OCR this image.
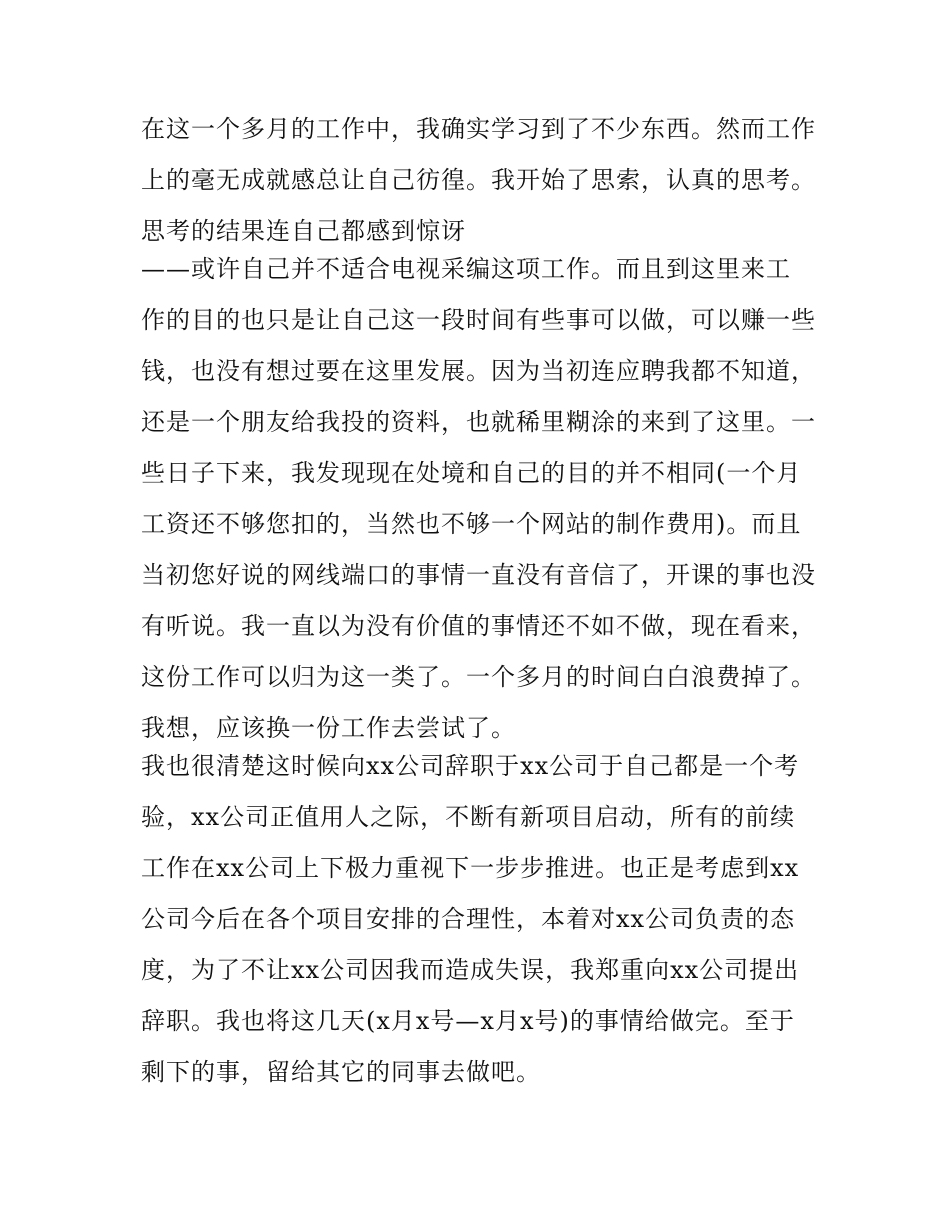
在这一个多月的工作中，我确实学习到了不少东西。然而工作
上的毫无成就感总让自己彷徨。我开始了思索，认真的思考。
思考的结果连自己都感到惊讶
——或许自己并不适合电视采编这项工作。而且到这里来工
作的目的也只是让自己这一段时间有些事可以做，可以赚一些
钱，也没有想过要在这里发展。因为当初连应聘我都不知道，
还是一个朋友给我投的资料，也就稀里糊涂的来到了这里。一
些日子下来，我发现现在处境和自己的目的并不相同(一个月
工资还不够您扣的，当然也不够一个网站的制作费用)。而且
当初您好说的网线端口的事情一直没有音信了，开课的事也没
有听说。我一直以为没有价值的事情还不如不做，现在看来，
这份工作可以归为这一类了。一个多月的时间白白浪费掉了。
我想，应该换一份工作去尝试了。
我也很清楚这时候向xx公司辞职于xx公司于自己都是一个考
验，xx公司正值用人之际，不断有新项目启动，所有的前续
工作在xx公司上下极力重视下一步步推进。也正是考虑到xx
公司今后在各个项目安排的合理性，本着对xx公司负责的态
度，为了不让xx公司因我而造成失误，我郑重向xx公司提出
辞职。我也将这几天(x月x号—x月x号)的事情给做完。至于
剩下的事，留给其它的同事去做吧。
